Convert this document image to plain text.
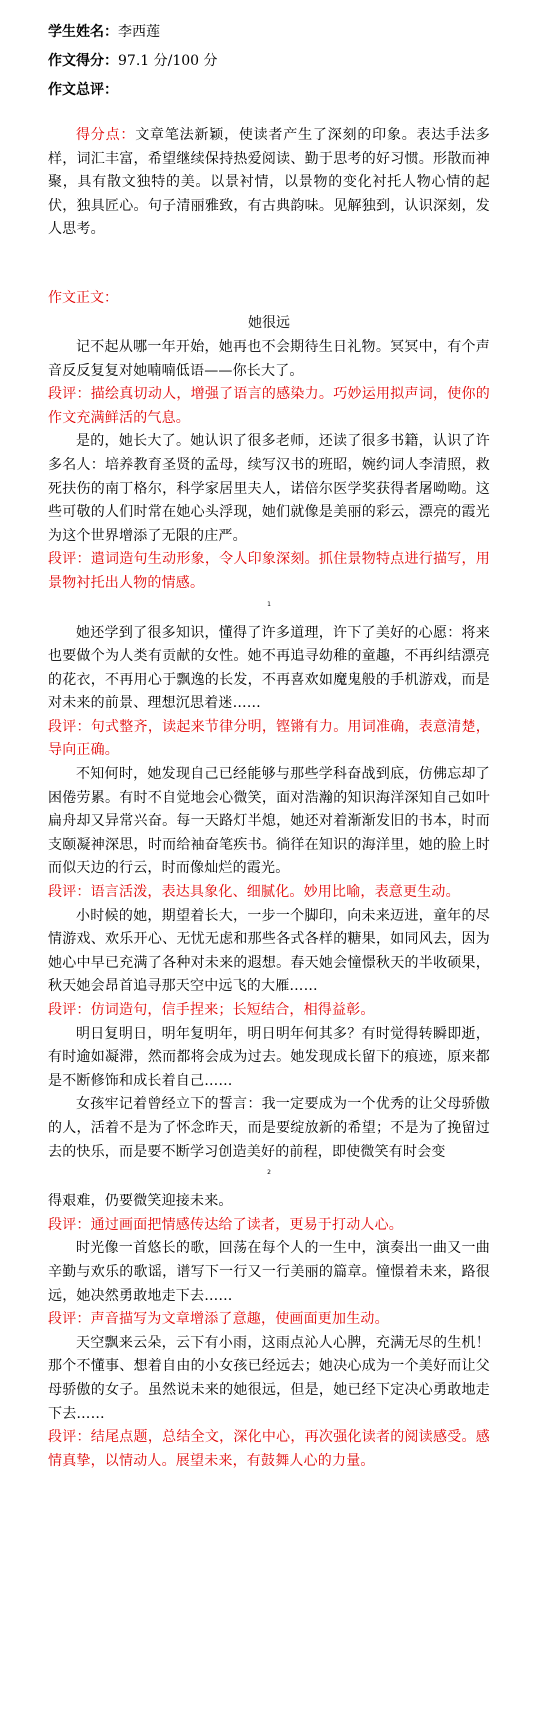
学生姓名：李西莲
作文得分：97.1 分/100 分
作文总评：

得分点：文章笔法新颖，使读者产生了深刻的印象。表达手法多样，词汇丰富，希望继续保持热爱阅读、勤于思考的好习惯。形散而神聚，具有散文独特的美。以景衬情，以景物的变化衬托人物心情的起伏，独具匠心。句子清丽雅致，有古典韵味。见解独到，认识深刻，发人思考。

作文正文：
她很远

记不起从哪一年开始，她再也不会期待生日礼物。冥冥中，有个声音反反复复对她喃喃低语——你长大了。

段评：描绘真切动人，增强了语言的感染力。巧妙运用拟声词，使你的作文充满鲜活的气息。

是的，她长大了。她认识了很多老师，还读了很多书籍，认识了许多名人：培养教育圣贤的孟母，续写汉书的班昭，婉约词人李清照，救死扶伤的南丁格尔，科学家居里夫人，诺倍尔医学奖获得者屠呦呦。这些可敬的人们时常在她心头浮现，她们就像是美丽的彩云，漂亮的霞光为这个世界增添了无限的庄严。

段评：遣词造句生动形象，令人印象深刻。抓住景物特点进行描写，用景物衬托出人物的情感。

1

她还学到了很多知识，懂得了许多道理，许下了美好的心愿：将来也要做个为人类有贡献的女性。她不再追寻幼稚的童趣，不再纠结漂亮的花衣，不再用心于飘逸的长发，不再喜欢如魔鬼般的手机游戏，而是对未来的前景、理想沉思着迷……

段评：句式整齐，读起来节律分明，铿锵有力。用词准确，表意清楚，导向正确。

不知何时，她发现自己已经能够与那些学科奋战到底，仿佛忘却了困倦劳累。有时不自觉地会心微笑，面对浩瀚的知识海洋深知自己如叶扁舟却又异常兴奋。每一天路灯半熄，她还对着渐渐发旧的书本，时而支颐凝神深思，时而给袖奋笔疾书。徜徉在知识的海洋里，她的脸上时而似天边的行云，时而像灿烂的霞光。

段评：语言活泼，表达具象化、细腻化。妙用比喻，表意更生动。

小时候的她，期望着长大，一步一个脚印，向未来迈进，童年的尽情游戏、欢乐开心、无忧无虑和那些各式各样的糖果，如同风去，因为她心中早已充满了各种对未来的遐想。春天她会憧憬秋天的半收硕果，秋天她会昂首追寻那天空中远飞的大雁……

段评：仿词造句，信手捏来；长短结合，相得益彰。

明日复明日，明年复明年，明日明年何其多？有时觉得转瞬即逝，有时逾如凝滞，然而都将会成为过去。她发现成长留下的痕迹，原来都是不断修饰和成长着自己……

女孩牢记着曾经立下的誓言：我一定要成为一个优秀的让父母骄傲的人，活着不是为了怀念昨天，而是要绽放新的希望；不是为了挽留过去的快乐，而是要不断学习创造美好的前程，即使微笑有时会变

2

得艰难，仍要微笑迎接未来。

段评：通过画面把情感传达给了读者，更易于打动人心。

时光像一首悠长的歌，回荡在每个人的一生中，演奏出一曲又一曲辛勤与欢乐的歌谣，谱写下一行又一行美丽的篇章。憧憬着未来，路很远，她决然勇敢地走下去……

段评：声音描写为文章增添了意趣，使画面更加生动。

天空飘来云朵，云下有小雨，这雨点沁人心脾，充满无尽的生机！那个不懂事、想着自由的小女孩已经远去；她决心成为一个美好而让父母骄傲的女子。虽然说未来的她很远，但是，她已经下定决心勇敢地走下去……

段评：结尾点题，总结全文，深化中心，再次强化读者的阅读感受。感情真挚，以情动人。展望未来，有鼓舞人心的力量。
